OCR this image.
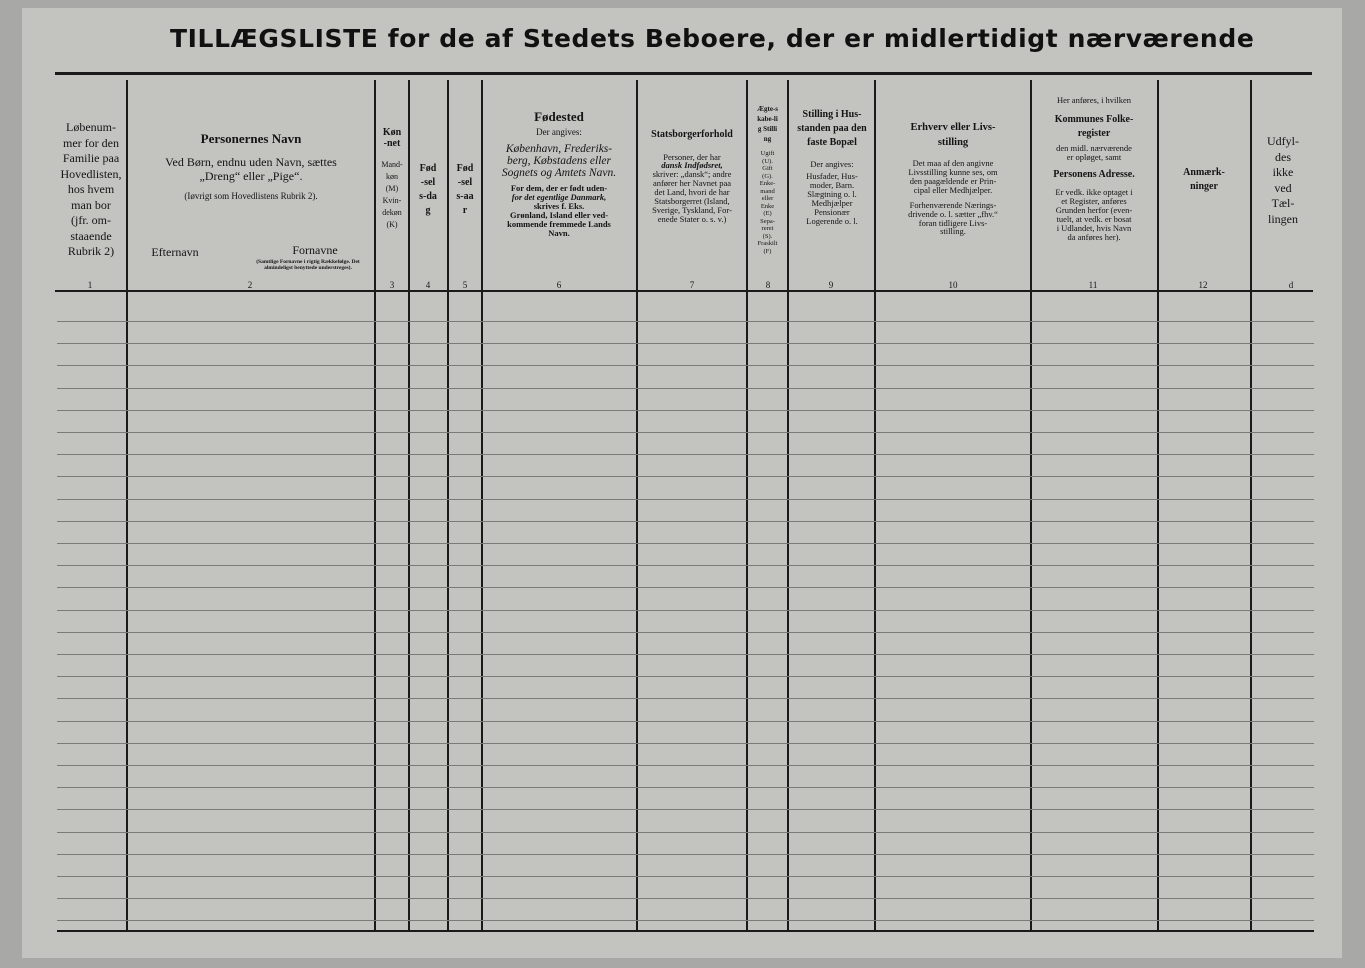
TILLÆGSLISTE for de af Stedets Beboere, der er midlertidigt nærværende
Løbenum-
mer for den
Familie paa
Hovedlisten,
hos hvem
man bor
(jfr. om-
staaende
Rubrik 2)
1
Personernes Navn
Ved Børn, endnu uden Navn, sættes
„Dreng“ eller „Pige“.
(Iøvrigt som Hovedlistens Rubrik 2).
Efternavn	Fornavne
(Samtlige Fornavne i rigtig Rækkefølge. Det almindeligst benyttede understreges).
2
Køn-net
Mand-
køn
(M)
Kvin-
dekøn
(K)
3
Fød-sels-dag
4
Fød-sels-aar
5
Fødested
Der angives:
København, Frederiks-
berg, Købstadens eller
Sognets og Amtets Navn.
For dem, der er født uden-
for det egentlige Danmark,
skrives f. Eks.
Grønland, Island eller ved-
kommende fremmede Lands
Navn.
6
Statsborgerforhold
Personer, der har
dansk Indfødsret,
skriver: „dansk“; andre
anfører her Navnet paa
det Land, hvori de har
Statsborgerret (Island,
Sverige, Tyskland, For-
enede Stater o. s. v.)
7
Ægte-skabe-lig Stilling
Ugift
(U).
Gift
(G).
Enke-
mand
eller
Enke
(E)
Sepa-
reret
(S).
Fraskilt
(F)
8
Stilling i Hus-standen paa den faste Bopæl
Der angives:
Husfader, Hus-
moder, Barn.
Slægtning o. l.
Medhjælper
Pensionær
Logerende o. l.
9
Erhverv eller Livs-stilling
Det maa af den angivne
Livsstilling kunne ses, om
den paagældende er Prin-
cipal eller Medhjælper.
Forhenværende Nærings-
drivende o. l. sætter „fhv.“
foran tidligere Livs-
stilling.
10
Her anføres, i hvilken
Kommunes Folke-register
den midl. nærværende
er opløget, samt
Personens Adresse.
Er vedk. ikke optaget i
et Register, anføres
Grunden herfor (even-
tuelt, at vedk. er bosat
i Udlandet, hvis Navn
da anføres her).
11
Anmærk-ninger
12
Udfyl-
des
ikke
ved
Tæl-
lingen
d
